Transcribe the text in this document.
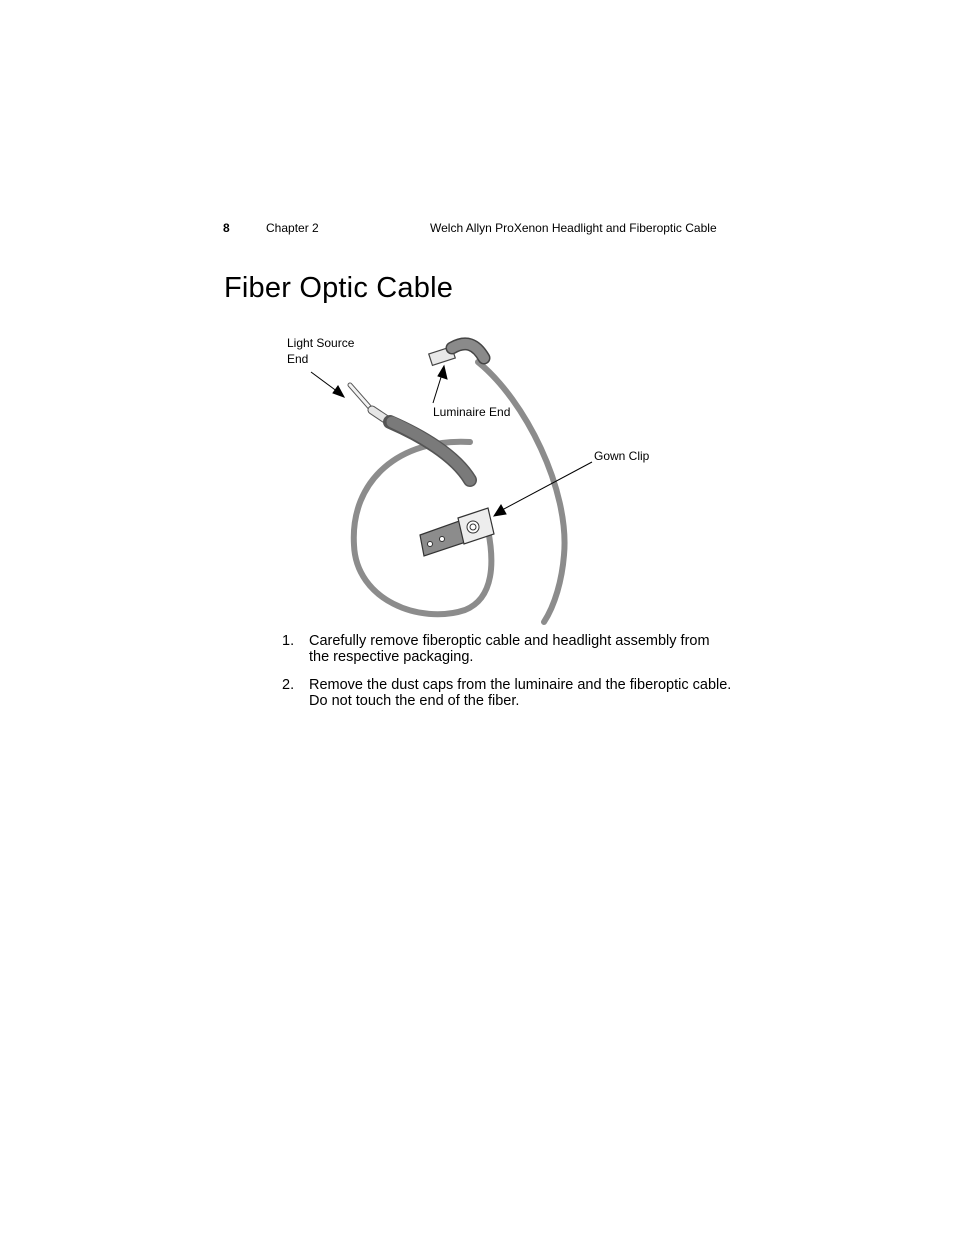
8	Chapter 2	Welch Allyn ProXenon Headlight and Fiberoptic Cable
Fiber Optic Cable
Light Source
End
Luminaire End
Gown Clip
1. Carefully remove fiberoptic cable and headlight assembly from the respective packaging.
2. Remove the dust caps from the luminaire and the fiberoptic cable. Do not touch the end of the fiber.
